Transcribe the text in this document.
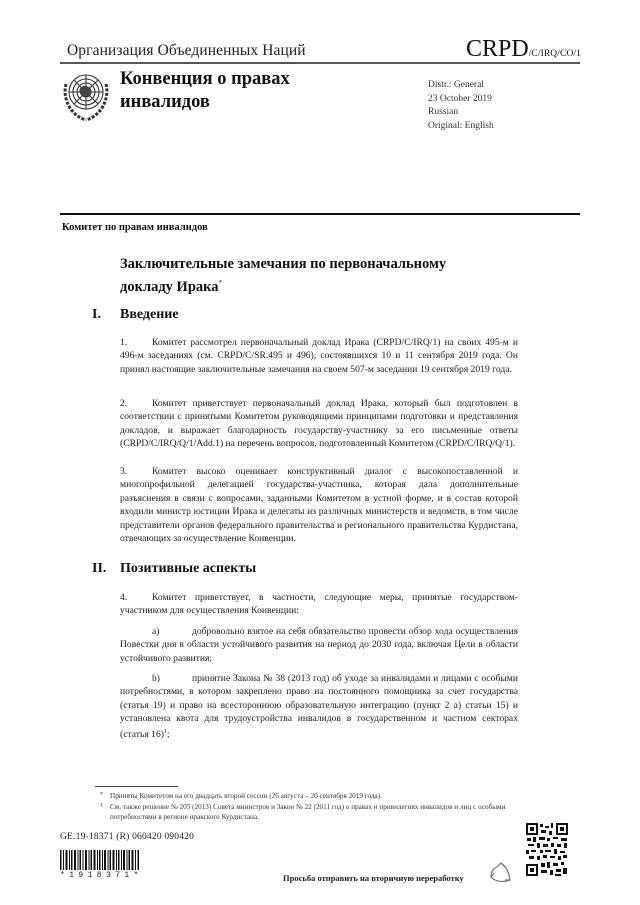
Организация Объединенных Наций	CRPD/C/IRQ/CO/1
Конвенция о правах
инвалидов
Distr.: General
23 October 2019
Russian
Original: English
Комитет по правам инвалидов
Заключительные замечания по первоначальному
докладу Ирака*
I. Введение
1.	Комитет рассмотрел первоначальный доклад Ирака (CRPD/C/IRQ/1) на своих 495-м и 496-м заседаниях (см. CRPD/C/SR.495 и 496), состоявшихся 10 и 11 сентября 2019 года. Он принял настоящие заключительные замечания на своем 507-м заседании 19 сентября 2019 года.
2.	Комитет приветствует первоначальный доклад Ирака, который был подготовлен в соответствии с принятыми Комитетом руководящими принципами подготовки и представления докладов, и выражает благодарность государству-участнику за его письменные ответы (CRPD/C/IRQ/Q/1/Add.1) на перечень вопросов, подготовленный Комитетом (CRPD/C/IRQ/Q/1).
3.	Комитет высоко оценивает конструктивный диалог с высокопоставленной и многопрофильной делегацией государства-участника, которая дала дополнительные разъяснения в связи с вопросами, заданными Комитетом в устной форме, и в состав которой входили министр юстиции Ирака и делегаты из различных министерств и ведомств, в том числе представители органов федерального правительства и регионального правительства Курдистана, отвечающих за осуществление Конвенции.
II. Позитивные аспекты
4.	Комитет приветствует, в частности, следующие меры, принятые государством-участником для осуществления Конвенции:
a)	добровольно взятое на себя обязательство провести обзор хода осуществления Повестки дня в области устойчивого развития на период до 2030 года, включая Цели в области устойчивого развития;
b)	принятие Закона № 38 (2013 год) об уходе за инвалидами и лицами с особыми потребностями, в котором закреплено право на постоянного помощника за счет государства (статья 19) и право на всестороннюю образовательную интеграцию (пункт 2 а) статьи 15) и установлена квота для трудоустройства инвалидов в государственном и частном секторах (статья 16)$^1$;
* Приняты Комитетом на его двадцать второй сессии (26 августа – 20 сентября 2019 года).
1 См. также решение № 205 (2013) Совета министров и Закон № 22 (2011 год) о правах и привилегиях инвалидов и лиц с особыми потребностями в регионе иракского Курдистана.
GE.19-18371 (R) 060420 090420
*1918371*	Просьба отправить на вторичную переработку
